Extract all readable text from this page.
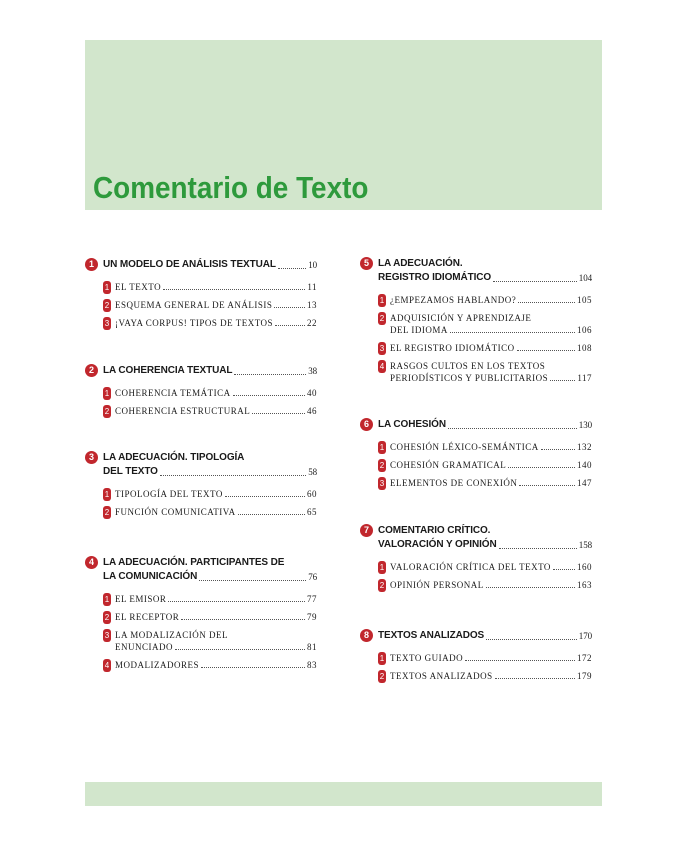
Comentario de Texto
1 UN MODELO DE ANÁLISIS TEXTUAL	10
1 EL TEXTO	11
2 ESQUEMA GENERAL DE ANÁLISIS	13
3 ¡VAYA CORPUS! TIPOS DE TEXTOS	22
2 LA COHERENCIA TEXTUAL	38
1 COHERENCIA TEMÁTICA	40
2 COHERENCIA ESTRUCTURAL	46
3 LA ADECUACIÓN. TIPOLOGÍA
DEL TEXTO	58
1 TIPOLOGÍA DEL TEXTO	60
2 FUNCIÓN COMUNICATIVA	65
4 LA ADECUACIÓN. PARTICIPANTES DE
LA COMUNICACIÓN	76
1 EL EMISOR	77
2 EL RECEPTOR	79
3 LA MODALIZACIÓN DEL
ENUNCIADO	81
4 MODALIZADORES	83
5 LA ADECUACIÓN.
REGISTRO IDIOMÁTICO	104
1 ¿EMPEZAMOS HABLANDO?	105
2 ADQUISICIÓN Y APRENDIZAJE
DEL IDIOMA	106
3 EL REGISTRO IDIOMÁTICO	108
4 RASGOS CULTOS EN LOS TEXTOS
PERIODÍSTICOS Y PUBLICITARIOS	117
6 LA COHESIÓN	130
1 COHESIÓN LÉXICO-SEMÁNTICA	132
2 COHESIÓN GRAMATICAL	140
3 ELEMENTOS DE CONEXIÓN	147
7 COMENTARIO CRÍTICO.
VALORACIÓN Y OPINIÓN	158
1 VALORACIÓN CRÍTICA DEL TEXTO	160
2 OPINIÓN PERSONAL	163
8 TEXTOS ANALIZADOS	170
1 TEXTO GUIADO	172
2 TEXTOS ANALIZADOS	179
